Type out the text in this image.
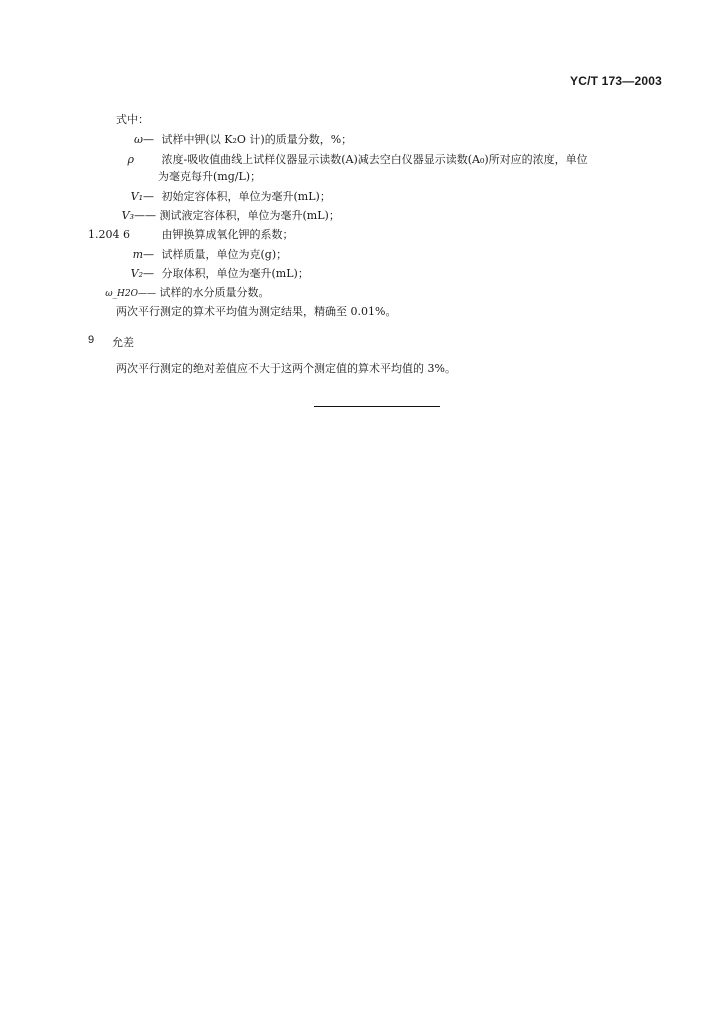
YC/T 173—2003
式中：
ω— 试样中钾(以 K₂O 计)的质量分数，%；
ρ	浓度-吸收值曲线上试样仪器显示读数(A)减去空白仪器显示读数(A₀)所对应的浓度，单位
为毫克每升(mg/L)；
V₁— 初始定容体积，单位为毫升(mL)；
V₃—— 测试液定容体积，单位为毫升(mL)；
1.204 6	由钾换算成氧化钾的系数；
m— 试样质量，单位为克(g)；
V₂— 分取体积，单位为毫升(mL)；
ω_H2O—— 试样的水分质量分数。
两次平行测定的算术平均值为测定结果，精确至 0.01%。
9 允差
两次平行测定的绝对差值应不大于这两个测定值的算术平均值的 3%。
